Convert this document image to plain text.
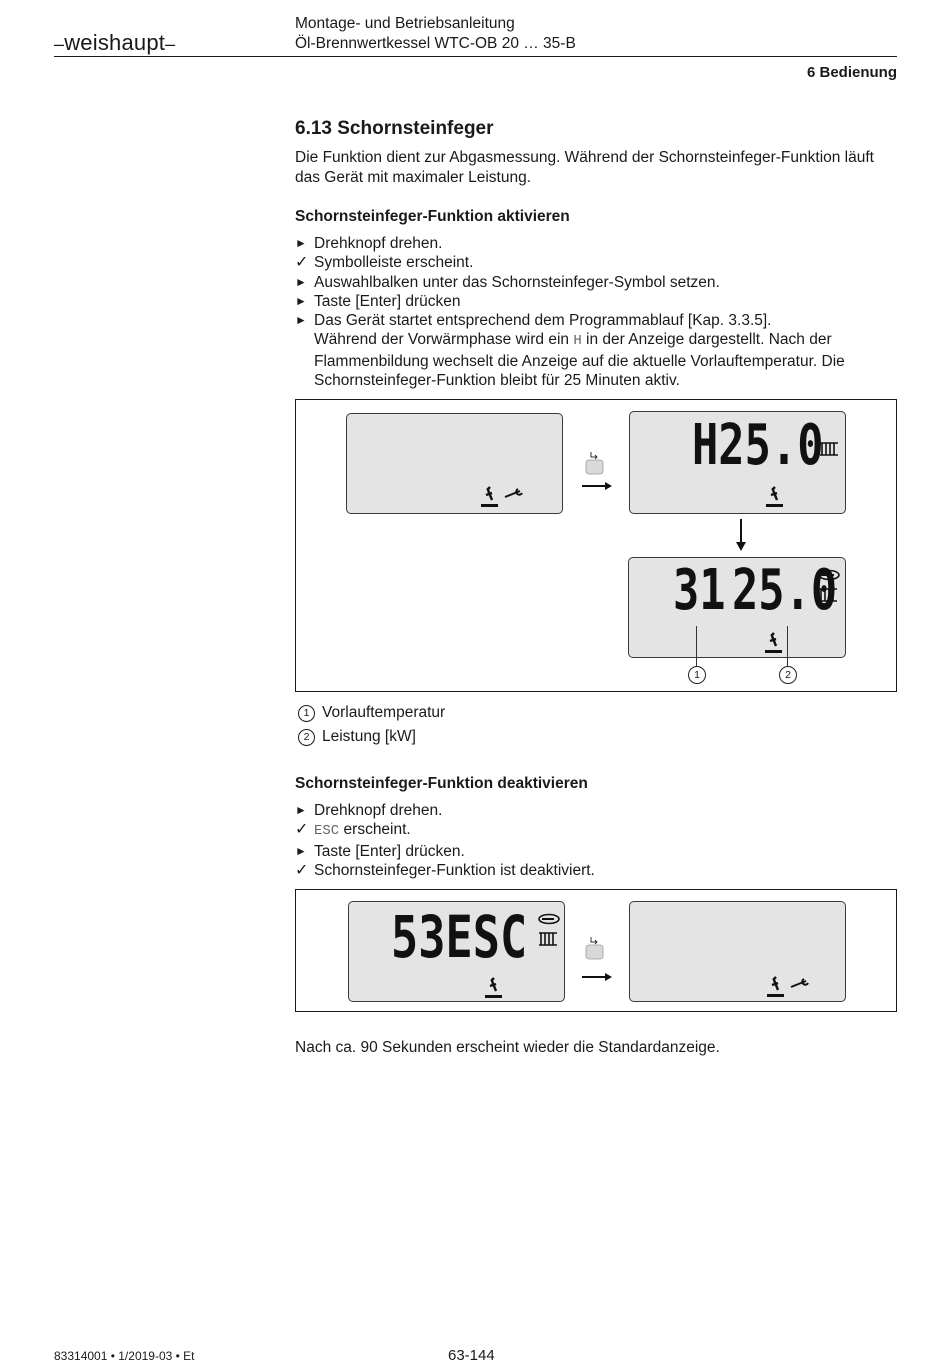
–weishaupt–
Montage- und Betriebsanleitung
Öl-Brennwertkessel WTC-OB 20 … 35-B
6 Bedienung
6.13 Schornsteinfeger
Die Funktion dient zur Abgasmessung. Während der Schornsteinfeger-Funktion läuft das Gerät mit maximaler Leistung.
Schornsteinfeger-Funktion aktivieren
► Drehknopf drehen.
✓ Symbolleiste erscheint.
► Auswahlbalken unter das Schornsteinfeger-Symbol setzen.
► Taste [Enter] drücken
► Das Gerät startet entsprechend dem Programmablauf [Kap. 3.3.5].
Während der Vorwärmphase wird ein H in der Anzeige dargestellt. Nach der Flammenbildung wechselt die Anzeige auf die aktuelle Vorlauftemperatur. Die Schornsteinfeger-Funktion bleibt für 25 Minuten aktiv.
H25.0
31 25.0
1	2
1 Vorlauftemperatur
2 Leistung [kW]
Schornsteinfeger-Funktion deaktivieren
► Drehknopf drehen.
✓ ESC erscheint.
► Taste [Enter] drücken.
✓ Schornsteinfeger-Funktion ist deaktiviert.
53ESC
Nach ca. 90 Sekunden erscheint wieder die Standardanzeige.
83314001 • 1/2019-03 • Et	63-144
